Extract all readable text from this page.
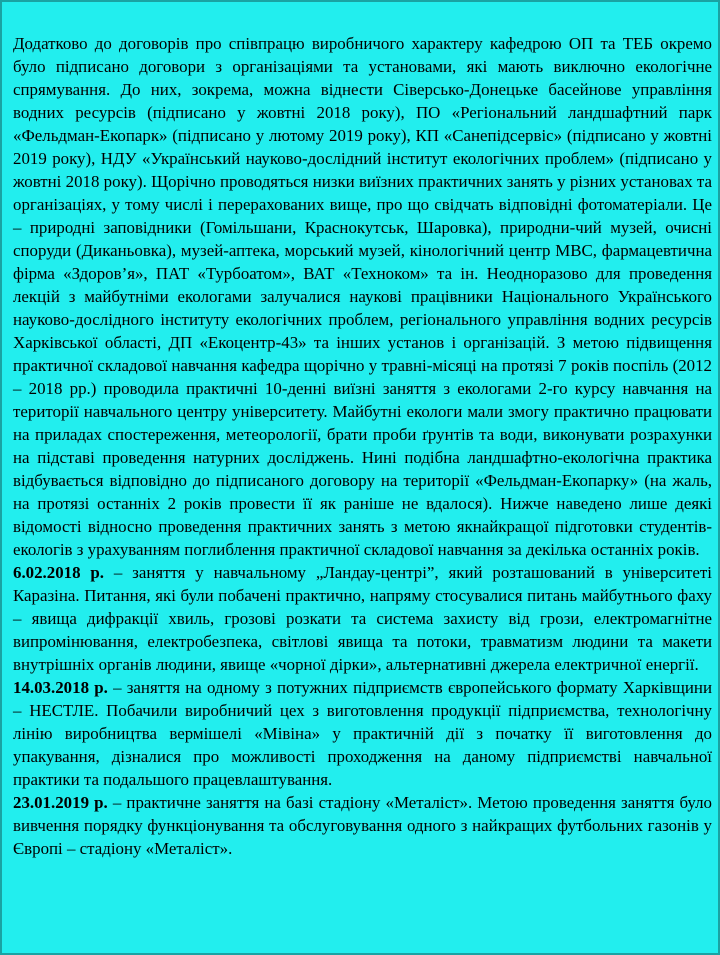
Додатково до договорів про співпрацю виробничого характеру кафедрою ОП та ТЕБ окремо було підписано договори з організаціями та установами, які мають виключно екологічне спрямування. До них, зокрема, можна віднести Сіверсько-Донецьке басейнове управління водних ресурсів (підписано у жовтні 2018 року), ПО «Регіональний ландшафтний парк «Фельдман-Екопарк» (підписано у лютому 2019 року), КП «Санепідсервіс» (підписано у жовтні 2019 року), НДУ «Український науково-дослідний інститут екологічних проблем» (підписано у жовтні 2018 року). Щорічно проводяться низки виїзних практичних занять у різних установах та організаціях, у тому числі і перерахованих вище, про що свідчать відповідні фотоматеріали. Це – природні заповідники (Гомільшани, Краснокутськ, Шаровка), природни-чий музей, очисні споруди (Диканьовка), музей-аптека, морський музей, кінологічний центр МВС, фармацевтична фірма «Здоров’я», ПАТ «Турбоатом», ВАТ «Техноком» та ін. Неодноразово для проведення лекцій з майбутніми екологами залучалися наукові працівники Національного Українського науково-дослідного інституту екологічних проблем, регіонального управління водних ресурсів Харківської області, ДП «Екоцентр-43» та інших установ і організацій. З метою підвищення практичної складової навчання кафедра щорічно у травні-місяці на протязі 7 років поспіль (2012 – 2018 рр.) проводила практичні 10-денні виїзні заняття з екологами 2-го курсу навчання на території навчального центру університету. Майбутні екологи мали змогу практично працювати на приладах спостереження, метеорології, брати проби ґрунтів та води, виконувати розрахунки на підставі проведення натурних досліджень. Нині подібна ландшафтно-екологічна практика відбувається відповідно до підписаного договору на території «Фельдман-Екопарку» (на жаль, на протязі останніх 2 років провести її як раніше не вдалося). Нижче наведено лише деякі відомості відносно проведення практичних занять з метою якнайкращої підготовки студентів-екологів з урахуванням поглиблення практичної складової навчання за декілька останніх років.

6.02.2018 р. – заняття у навчальному „Ландау-центрі”, який розташований в університеті Каразіна. Питання, які були побачені практично, напряму стосувалися питань майбутнього фаху – явища дифракції хвиль, грозові розкати та система захисту від грози, електромагнітне випромінювання, електробезпека, світлові явища та потоки, травматизм людини та макети внутрішніх органів людини, явище «чорної дірки», альтернативні джерела електричної енергії.

14.03.2018 р. – заняття на одному з потужних підприємств європейського формату Харківщини – НЕСТЛЕ. Побачили виробничий цех з виготовлення продукції підприємства, технологічну лінію виробництва вермішелі «Мівіна» у практичній дії з початку її виготовлення до упакування, дізналися про можливості проходження на даному підприємстві навчальної практики та подальшого працевлаштування.

23.01.2019 р. – практичне заняття на базі стадіону «Металіст». Метою проведення заняття було вивчення порядку функціонування та обслуговування одного з найкращих футбольних газонів у Європі – стадіону «Металіст».
